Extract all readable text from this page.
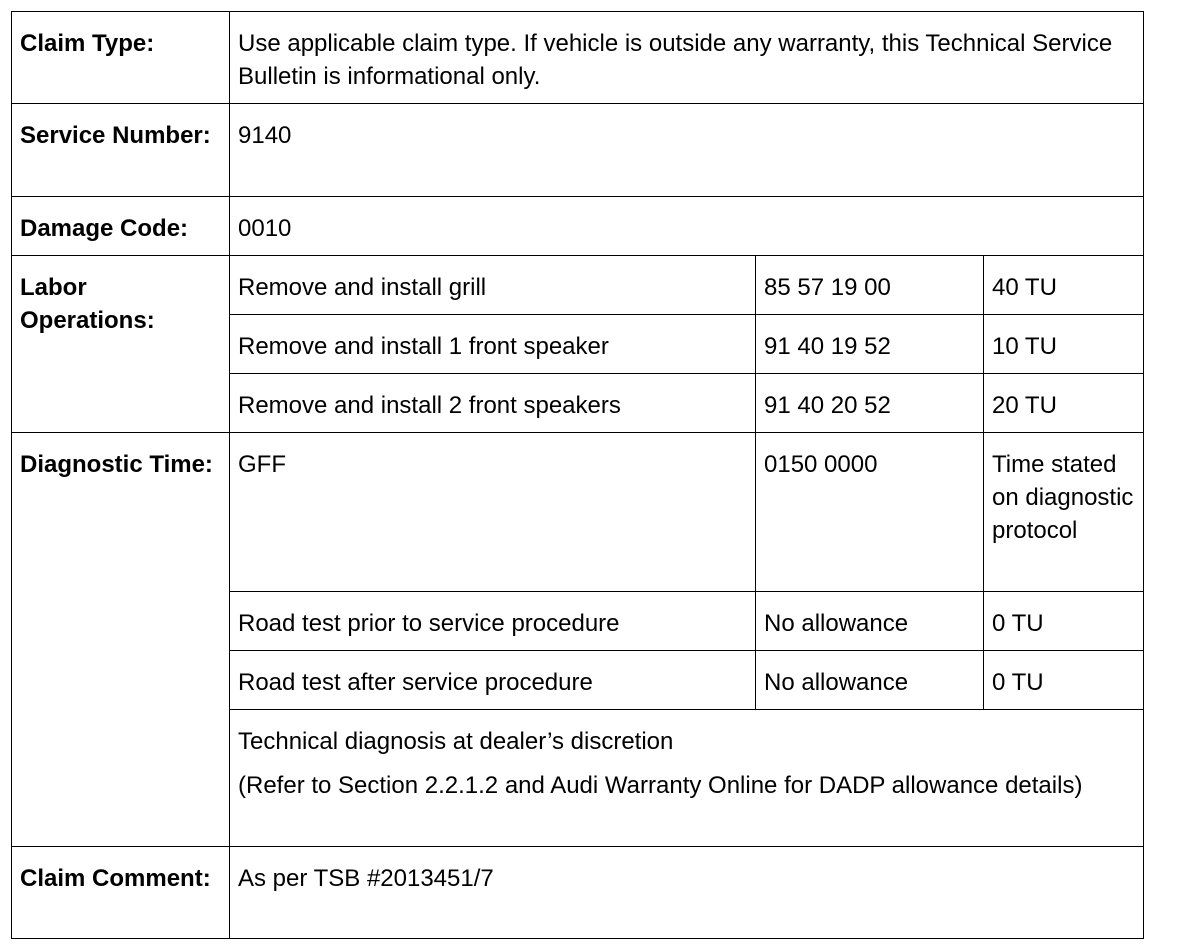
Claim Type:	Use applicable claim type. If vehicle is outside any warranty, this Technical Service Bulletin is informational only.		
Service Number:	9140		
Damage Code:	0010		
Labor Operations:	Remove and install grill	85 57 19 00	40 TU
	Remove and install 1 front speaker	91 40 19 52	10 TU
	Remove and install 2 front speakers	91 40 20 52	20 TU
Diagnostic Time:	GFF	0150 0000	Time stated on diagnostic protocol
	Road test prior to service procedure	No allowance	0 TU
	Road test after service procedure	No allowance	0 TU

	Technical diagnosis at dealer’s discretion
(Refer to Section 2.2.1.2 and Audi Warranty Online for DADP allowance details)		

Claim Comment:	As per TSB #2013451/7		
